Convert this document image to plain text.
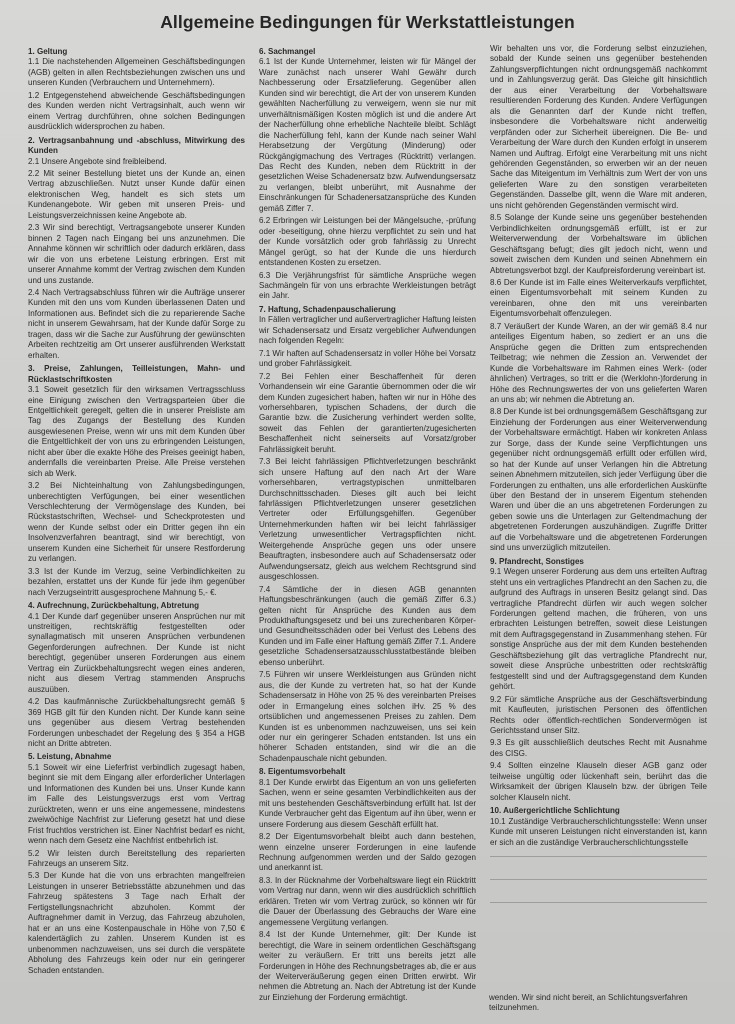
Allgemeine Bedingungen für Werkstattleistungen
1. Geltung
1.1 Die nachstehenden Allgemeinen Geschäftsbedingungen (AGB) gelten in allen Rechtsbeziehungen zwischen uns und unseren Kunden (Verbrauchern und Unternehmern).
1.2 Entgegenstehend abweichende Geschäftsbedingungen des Kunden werden nicht Vertragsinhalt, auch wenn wir einem Vertrag durchführen, ohne solchen Bedingungen ausdrücklich widersprochen zu haben.
2. Vertragsanbahnung und -abschluss, Mitwirkung des Kunden
2.1 Unsere Angebote sind freibleibend.
2.2 Mit seiner Bestellung bietet uns der Kunde an, einen Vertrag abzuschließen. Nutzt unser Kunde dafür einen elektronischen Weg, handelt es sich stets um Kundenangebote. Wir geben mit unseren Preis- und Leistungsverzeichnissen keine Angebote ab.
2.3 Wir sind berechtigt, Vertragsangebote unserer Kunden binnen 2 Tagen nach Eingang bei uns anzunehmen. Die Annahme können wir schriftlich oder dadurch erklären, dass wir die von uns erbetene Leistung erbringen. Erst mit unserer Annahme kommt der Vertrag zwischen dem Kunden und uns zustande.
2.4 Nach Vertragsabschluss führen wir die Aufträge unserer Kunden mit den uns vom Kunden überlassenen Daten und Informationen aus. Befindet sich die zu reparierende Sache nicht in unserem Gewahrsam, hat der Kunde dafür Sorge zu tragen, dass wir die Sache zur Ausführung der gewünschten Arbeiten rechtzeitig am Ort unserer ausführenden Werkstatt erhalten.
3. Preise, Zahlungen, Teilleistungen, Mahn- und Rücklastschriftkosten
3.1 Soweit gesetzlich für den wirksamen Vertragsschluss eine Einigung zwischen den Vertragsparteien über die Entgeltlichkeit geregelt, gelten die in unserer Preisliste am Tag des Zugangs der Bestellung des Kunden ausgewiesenen Preise, wenn wir uns mit dem Kunden über die Entgeltlichkeit der von uns zu erbringenden Leistungen, nicht aber über die exakte Höhe des Preises geeinigt haben, andernfalls die vereinbarten Preise. Alle Preise verstehen sich ab Werk.
3.2 Bei Nichteinhaltung von Zahlungsbedingungen, unberechtigten Verfügungen, bei einer wesentlichen Verschlechterung der Vermögenslage des Kunden, bei Rückstastschriften, Wechsel- und Scheckprotesten und wenn der Kunde selbst oder ein Dritter gegen ihn ein Insolvenzverfahren beantragt, sind wir berechtigt, von unserem Kunden eine Sicherheit für unsere Restforderung zu verlangen.
3.3 Ist der Kunde im Verzug, seine Verbindlichkeiten zu bezahlen, erstattet uns der Kunde für jede ihm gegenüber nach Verzugseintritt ausgesprochene Mahnung 5,- €.
4. Aufrechnung, Zurückbehaltung, Abtretung
4.1 Der Kunde darf gegenüber unseren Ansprüchen nur mit unstreitigen, rechtskräftig festgestellten oder synallagmatisch mit unseren Ansprüchen verbundenen Gegenforderungen aufrechnen. Der Kunde ist nicht berechtigt, gegenüber unseren Forderungen aus einem Vertrag ein Zurückbehaltungsrecht wegen eines anderen, nicht aus diesem Vertrag stammenden Anspruchs auszuüben.
4.2 Das kaufmännische Zurückbehaltungsrecht gemäß § 369 HGB gilt für den Kunden nicht. Der Kunde kann seine uns gegenüber aus diesem Vertrag bestehenden Forderungen unbeschadet der Regelung des § 354 a HGB nicht an Dritte abtreten.
5. Leistung, Abnahme
5.1 Soweit wir eine Lieferfrist verbindlich zugesagt haben, beginnt sie mit dem Eingang aller erforderlicher Unterlagen und Informationen des Kunden bei uns. Unser Kunde kann im Falle des Leistungsverzugs erst vom Vertrag zurücktreten, wenn er uns eine angemessene, mindestens zweiwöchige Nachfrist zur Lieferung gesetzt hat und diese Frist fruchtlos verstrichen ist. Einer Nachfrist bedarf es nicht, wenn nach dem Gesetz eine Nachfrist entbehrlich ist.
5.2 Wir leisten durch Bereitstellung des reparierten Fahrzeugs an unserem Sitz.
5.3 Der Kunde hat die von uns erbrachten mangelfreien Leistungen in unserer Betriebsstätte abzunehmen und das Fahrzeug spätestens 3 Tage nach Erhalt der Fertigstellungsnachricht abzuholen. Kommt der Auftragnehmer damit in Verzug, das Fahrzeug abzuholen, hat er an uns eine Kostenpauschale in Höhe von 7,50 € kalendertäglich zu zahlen. Unserem Kunden ist es unbenommen nachzuweisen, uns sei durch die verspätete Abholung des Fahrzeugs kein oder nur ein geringerer Schaden entstanden.
6. Sachmangel
6.1 Ist der Kunde Unternehmer, leisten wir für Mängel der Ware zunächst nach unserer Wahl Gewähr durch Nachbesserung oder Ersatzlieferung. Gegenüber allen Kunden sind wir berechtigt, die Art der von unserem Kunden gewählten Nacherfüllung zu verweigern, wenn sie nur mit unverhältnismäßigen Kosten möglich ist und die andere Art der Nacherfüllung ohne erhebliche Nachteile bleibt. Schlägt die Nacherfüllung fehl, kann der Kunde nach seiner Wahl Herabsetzung der Vergütung (Minderung) oder Rückgängigmachung des Vertrages (Rücktritt) verlangen. Das Recht des Kunden, neben dem Rücktritt in der gesetzlichen Weise Schadenersatz bzw. Aufwendungsersatz zu verlangen, bleibt unberührt, mit Ausnahme der Einschränkungen für Schadenersatzansprüche des Kunden gemäß Ziffer 7.
6.2 Erbringen wir Leistungen bei der Mängelsuche, -prüfung oder -beseitigung, ohne hierzu verpflichtet zu sein und hat der Kunde vorsätzlich oder grob fahrlässig zu Unrecht Mängel gerügt, so hat der Kunde die uns hierdurch entstandenen Kosten zu ersetzen.
6.3 Die Verjährungsfrist für sämtliche Ansprüche wegen Sachmängeln für von uns erbrachte Werkleistungen beträgt ein Jahr.
7. Haftung, Schadenpauschalierung
In Fällen vertraglicher und außervertraglicher Haftung leisten wir Schadensersatz und Ersatz vergeblicher Aufwendungen nach folgenden Regeln:
7.1 Wir haften auf Schadensersatz in voller Höhe bei Vorsatz und grober Fahrlässigkeit.
7.2 Bei Fehlen einer Beschaffenheit für deren Vorhandensein wir eine Garantie übernommen oder die wir dem Kunden zugesichert haben, haften wir nur in Höhe des vorhersehbaren, typischen Schadens, der durch die Garantie bzw. die Zusicherung verhindert werden sollte, soweit das Fehlen der garantierten/zugesicherten Beschaffenheit nicht seinerseits auf Vorsatz/grober Fahrlässigkeit beruht.
7.3 Bei leicht fahrlässigen Pflichtverletzungen beschränkt sich unsere Haftung auf den nach Art der Ware vorhersehbaren, vertragstypischen unmittelbaren Durchschnittsschaden. Dieses gilt auch bei leicht fahrlässigen Pflichtverletzungen unserer gesetzlichen Vertreter oder Erfüllungsgehilfen. Gegenüber Unternehmerkunden haften wir bei leicht fahrlässiger Verletzung unwesentlicher Vertragspflichten nicht. Weitergehende Ansprüche gegen uns oder unsere Beauftragten, insbesondere auch auf Schadensersatz oder Aufwendungsersatz, gleich aus welchem Rechtsgrund sind ausgeschlossen.
7.4 Sämtliche der in diesen AGB genannten Haftungsbeschränkungen (auch die gemäß Ziffer 6.3.) gelten nicht für Ansprüche des Kunden aus dem Produkthaftungsgesetz und bei uns zurechenbaren Körper- und Gesundheitsschäden oder bei Verlust des Lebens des Kunden und im Falle einer Haftung gemäß Ziffer 7.1. Andere gesetzliche Schadensersatzausschlusstatbestände bleiben ebenso unberührt.
7.5 Führen wir unsere Werkleistungen aus Gründen nicht aus, die der Kunde zu vertreten hat, so hat der Kunde Schadensersatz in Höhe von 25 % des vereinbarten Preises oder in Ermangelung eines solchen iHv. 25 % des ortsüblichen und angemessenen Preises zu zahlen. Dem Kunden ist es unbenommen nachzuweisen, uns sei kein oder nur ein geringerer Schaden entstanden. Ist uns ein höherer Schaden entstanden, sind wir die an die Schadenpauschale nicht gebunden.
8. Eigentumsvorbehalt
8.1 Der Kunde erwirbt das Eigentum an von uns gelieferten Sachen, wenn er seine gesamten Verbindlichkeiten aus der mit uns bestehenden Geschäftsverbindung erfüllt hat. Ist der Kunde Verbraucher geht das Eigentum auf ihn über, wenn er unsere Forderung aus diesem Geschäft erfüllt hat.
8.2 Der Eigentumsvorbehalt bleibt auch dann bestehen, wenn einzelne unserer Forderungen in eine laufende Rechnung aufgenommen werden und der Saldo gezogen und anerkannt ist.
8.3. In der Rücknahme der Vorbehaltsware liegt ein Rücktritt vom Vertrag nur dann, wenn wir dies ausdrücklich schriftlich erklären. Treten wir vom Vertrag zurück, so können wir für die Dauer der Überlassung des Gebrauchs der Ware eine angemessene Vergütung verlangen.
8.4 Ist der Kunde Unternehmer, gilt: Der Kunde ist berechtigt, die Ware in seinem ordentlichen Geschäftsgang weiter zu veräußern. Er tritt uns bereits jetzt alle Forderungen in Höhe des Rechnungsbetrages ab, die er aus der Weiterveräußerung gegen einen Dritten erwirbt. Wir nehmen die Abtretung an. Nach der Abtretung ist der Kunde zur Einziehung der Forderung ermächtigt.
Wir behalten uns vor, die Forderung selbst einzuziehen, sobald der Kunde seinen uns gegenüber bestehenden Zahlungsverpflichtungen nicht ordnungsgemäß nachkommt und in Zahlungsverzug gerät. Das Gleiche gilt hinsichtlich der aus einer Verarbeitung der Vorbehaltsware resultierenden Forderung des Kunden. Andere Verfügungen als die Genannten darf der Kunde nicht treffen, insbesondere die Vorbehaltsware nicht anderweitig verpfänden oder zur Sicherheit übereignen. Die Be- und Verarbeitung der Ware durch den Kunden erfolgt in unserem Namen und Auftrag. Erfolgt eine Verarbeitung mit uns nicht gehörenden Gegenständen, so erwerben wir an der neuen Sache das Miteigentum im Verhältnis zum Wert der von uns gelieferten Ware zu den sonstigen verarbeiteten Gegenständen. Dasselbe gilt, wenn die Ware mit anderen, uns nicht gehörenden Gegenständen vermischt wird.
8.5 Solange der Kunde seine uns gegenüber bestehenden Verbindlichkeiten ordnungsgemäß erfüllt, ist er zur Weiterverwendung der Vorbehaltsware im üblichen Geschäftsgang befugt; dies gilt jedoch nicht, wenn und soweit zwischen dem Kunden und seinen Abnehmern ein Abtretungsverbot bzgl. der Kaufpreisforderung vereinbart ist.
8.6 Der Kunde ist im Falle eines Weiterverkaufs verpflichtet, einen Eigentumsvorbehalt mit seinem Kunden zu vereinbaren, ohne den mit uns vereinbarten Eigentumsvorbehalt offenzulegen.
8.7 Veräußert der Kunde Waren, an der wir gemäß 8.4 nur anteiliges Eigentum haben, so zediert er an uns die Ansprüche gegen die Dritten zum entsprechenden Teilbetrag; wie nehmen die Zession an. Verwendet der Kunde die Vorbehaltsware im Rahmen eines Werk- (oder ähnlichen) Vertrages, so tritt er die (Werklohn-)forderung in Höhe des Rechnungswertes der von uns gelieferten Waren an uns ab; wir nehmen die Abtretung an.
8.8 Der Kunde ist bei ordnungsgemäßem Geschäftsgang zur Einziehung der Forderungen aus einer Weiterverwendung der Vorbehaltsware ermächtigt. Haben wir konkreten Anlass zur Sorge, dass der Kunde seine Verpflichtungen uns gegenüber nicht ordnungsgemäß erfüllt oder erfüllen wird, so hat der Kunde auf unser Verlangen hin die Abtretung seinen Abnehmern mitzuteilen, sich jeder Verfügung über die Forderungen zu enthalten, uns alle erforderlichen Auskünfte über den Bestand der in unserem Eigentum stehenden Waren und über die an uns abgetretenen Forderungen zu geben sowie uns die Unterlagen zur Geltendmachung der abgetretenen Forderungen auszuhändigen. Zugriffe Dritter auf die Vorbehaltsware und die abgetretenen Forderungen sind uns unverzüglich mitzuteilen.
9. Pfandrecht, Sonstiges
9.1 Wegen unserer Forderung aus dem uns erteilten Auftrag steht uns ein vertragliches Pfandrecht an den Sachen zu, die aufgrund des Auftrags in unseren Besitz gelangt sind. Das vertragliche Pfandrecht dürfen wir auch wegen solcher Forderungen geltend machen, die früheren, von uns erbrachten Leistungen betreffen, soweit diese Leistungen mit dem Auftragsgegenstand in Zusammenhang stehen. Für sonstige Ansprüche aus der mit dem Kunden bestehenden Geschäftsbeziehung gilt das vertragliche Pfandrecht nur, soweit diese Ansprüche unbestritten oder rechtskräftig festgestellt sind und der Auftragsgegenstand dem Kunden gehört.
9.2 Für sämtliche Ansprüche aus der Geschäftsverbindung mit Kaufleuten, juristischen Personen des öffentlichen Rechts oder öffentlich-rechtlichen Sondervermögen ist Gerichtsstand unser Sitz.
9.3 Es gilt ausschließlich deutsches Recht mit Ausnahme des CISG.
9.4 Sollten einzelne Klauseln dieser AGB ganz oder teilweise ungültig oder lückenhaft sein, berührt das die Wirksamkeit der übrigen Klauseln bzw. der übrigen Teile solcher Klauseln nicht.
10. Außergerichtliche Schlichtung
10.1 Zuständige Verbraucherschlichtungsstelle: Wenn unser Kunde mit unseren Leistungen nicht einverstanden ist, kann er sich an die zuständige Verbraucherschlichtungsstelle
wenden. Wir sind nicht bereit, an Schlichtungsverfahren teilzunehmen.
